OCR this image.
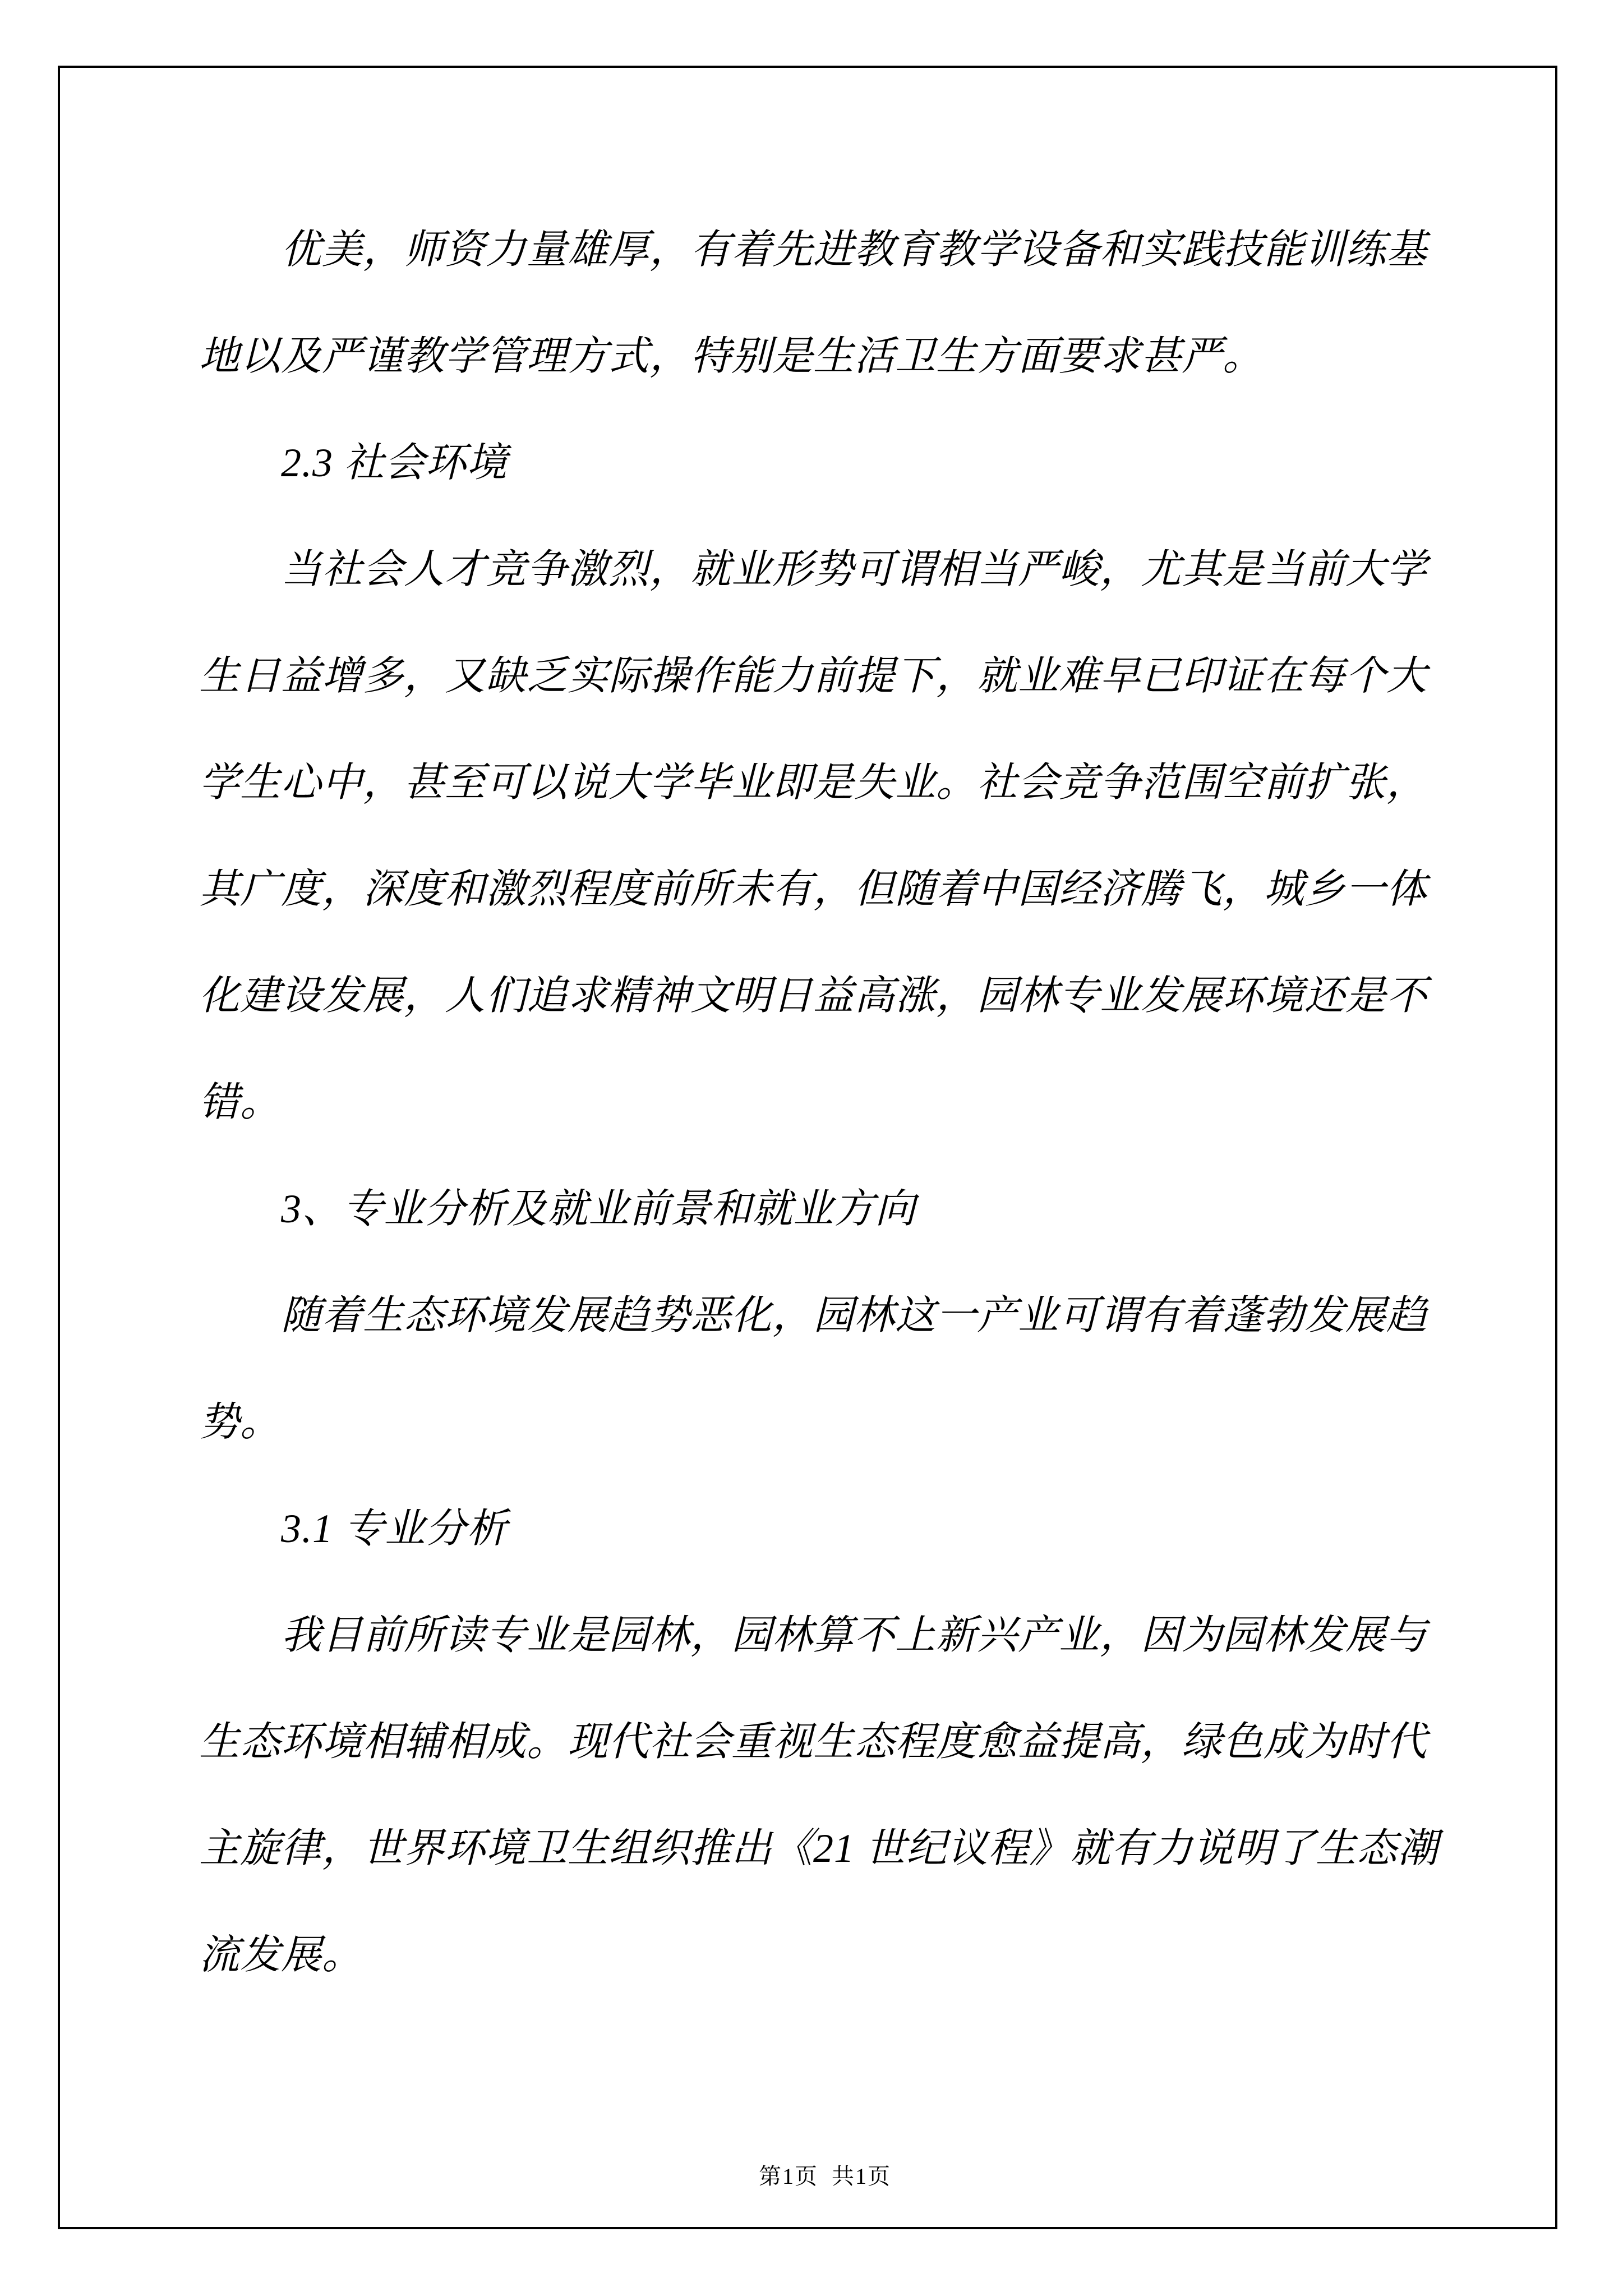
优美，师资力量雄厚，有着先进教育教学设备和实践技能训练基
地以及严谨教学管理方式，特别是生活卫生方面要求甚严。
2.3 社会环境
当社会人才竞争激烈，就业形势可谓相当严峻，尤其是当前大学
生日益增多，又缺乏实际操作能力前提下，就业难早已印证在每个大
学生心中，甚至可以说大学毕业即是失业。社会竞争范围空前扩张，
其广度，深度和激烈程度前所未有，但随着中国经济腾飞，城乡一体
化建设发展，人们追求精神文明日益高涨，园林专业发展环境还是不
错。
3、专业分析及就业前景和就业方向
随着生态环境发展趋势恶化，园林这一产业可谓有着蓬勃发展趋
势。
3.1 专业分析
我目前所读专业是园林，园林算不上新兴产业，因为园林发展与
生态环境相辅相成。现代社会重视生态程度愈益提高，绿色成为时代
主旋律，世界环境卫生组织推出《21 世纪议程》就有力说明了生态潮
流发展。

第1页  共1页
